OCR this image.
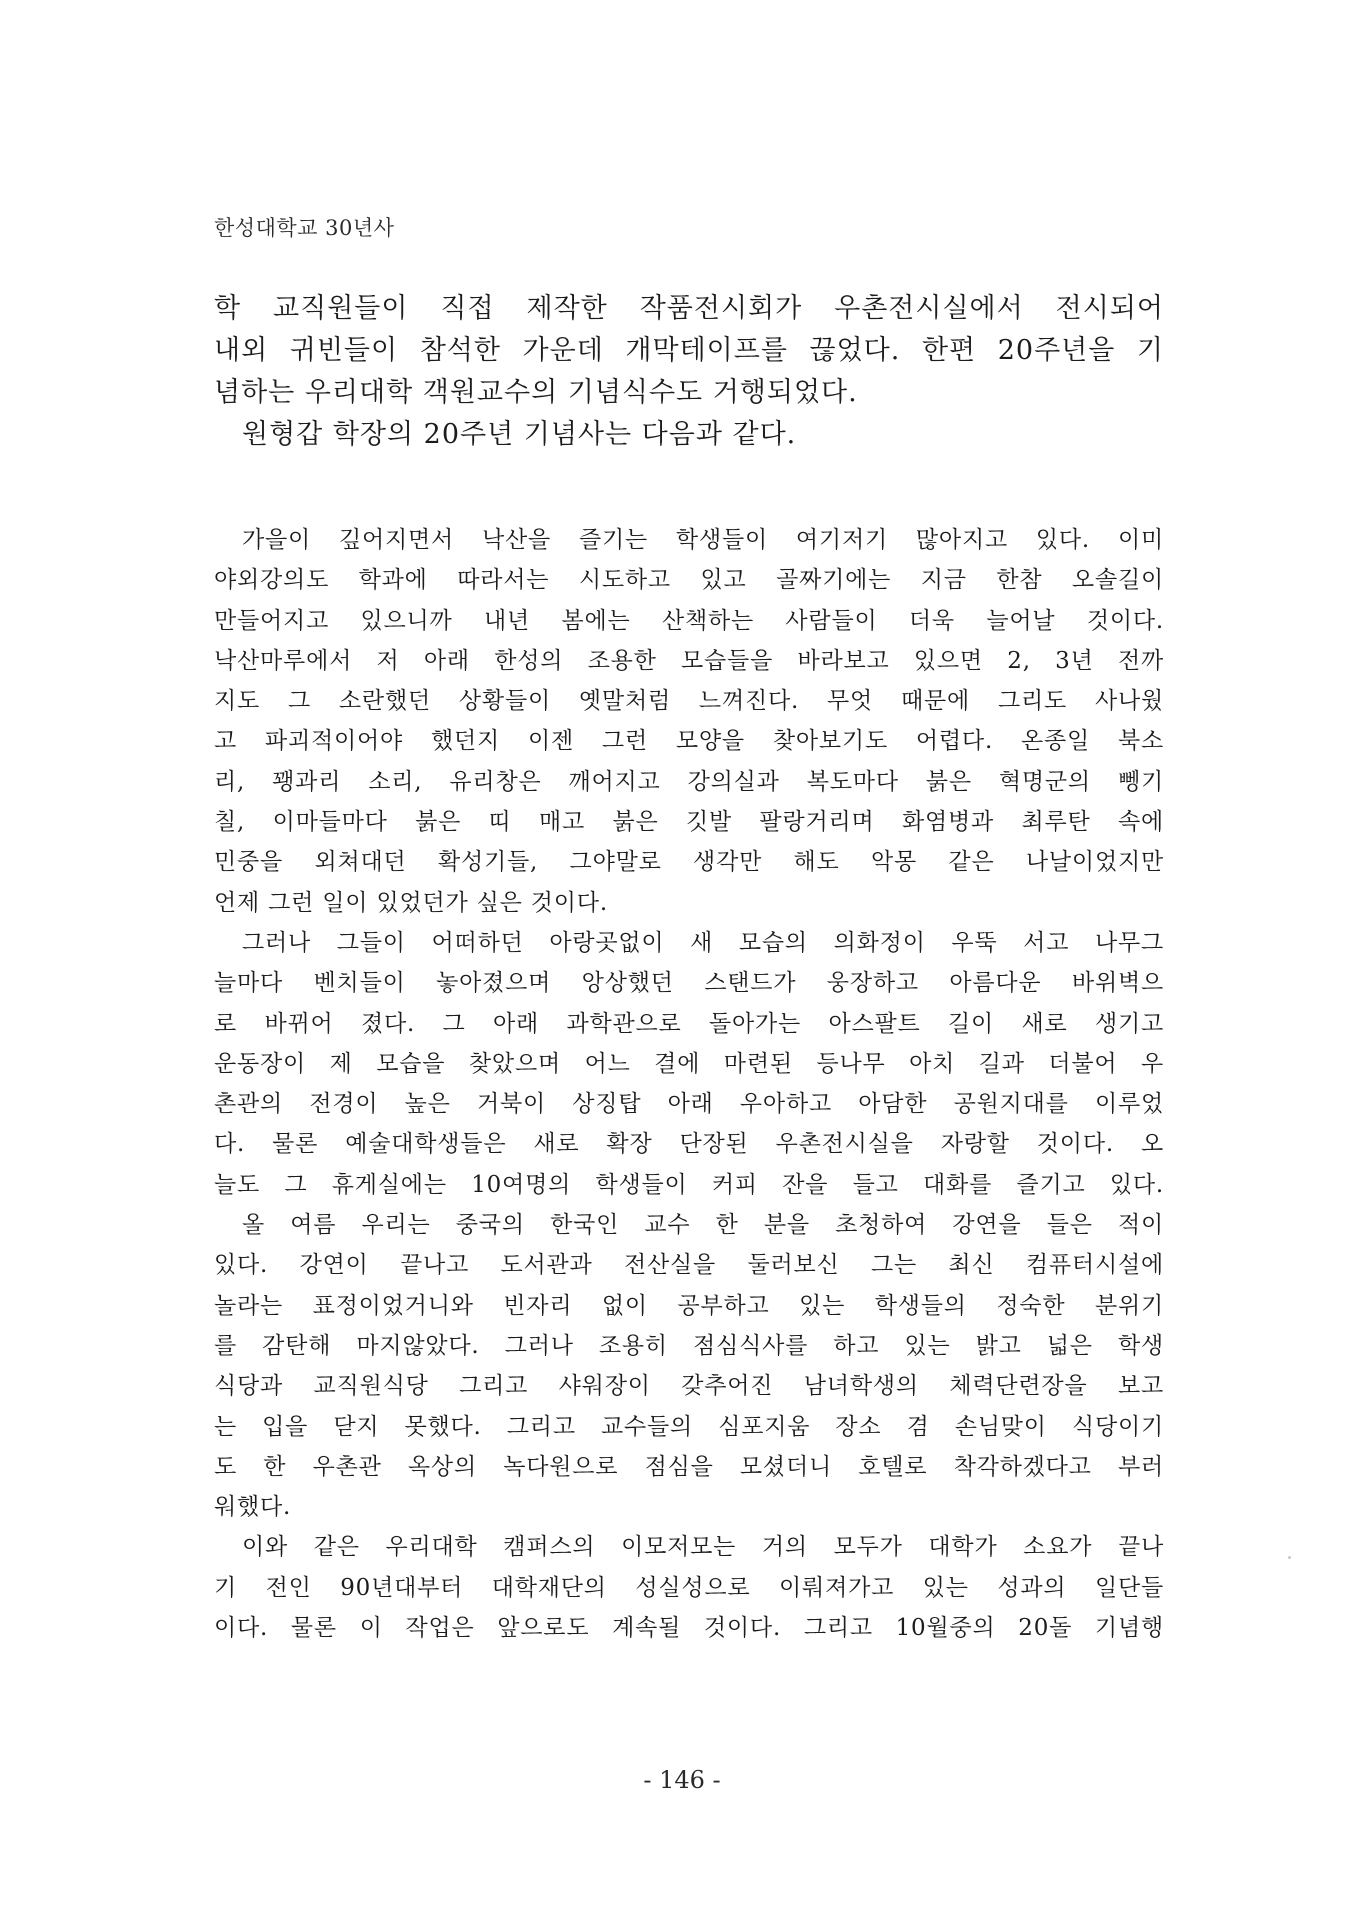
한성대학교 30년사
학 교직원들이 직접 제작한 작품전시회가 우촌전시실에서 전시되어
내외 귀빈들이 참석한 가운데 개막테이프를 끊었다. 한편 20주년을 기
념하는 우리대학 객원교수의 기념식수도 거행되었다.
원형갑 학장의 20주년 기념사는 다음과 같다.
가을이 깊어지면서 낙산을 즐기는 학생들이 여기저기 많아지고 있다. 이미
야외강의도 학과에 따라서는 시도하고 있고 골짜기에는 지금 한참 오솔길이
만들어지고 있으니까 내년 봄에는 산책하는 사람들이 더욱 늘어날 것이다.
낙산마루에서 저 아래 한성의 조용한 모습들을 바라보고 있으면 2, 3년 전까
지도 그 소란했던 상황들이 옛말처럼 느껴진다. 무엇 때문에 그리도 사나웠
고 파괴적이어야 했던지 이젠 그런 모양을 찾아보기도 어렵다. 온종일 북소
리, 꽹과리 소리, 유리창은 깨어지고 강의실과 복도마다 붉은 혁명군의 뼁기
칠, 이마들마다 붉은 띠 매고 붉은 깃발 팔랑거리며 화염병과 최루탄 속에
민중을 외쳐대던 확성기들, 그야말로 생각만 해도 악몽 같은 나날이었지만
언제 그런 일이 있었던가 싶은 것이다.
그러나 그들이 어떠하던 아랑곳없이 새 모습의 의화정이 우뚝 서고 나무그
늘마다 벤치들이 놓아졌으며 앙상했던 스탠드가 웅장하고 아름다운 바위벽으
로 바뀌어 졌다. 그 아래 과학관으로 돌아가는 아스팔트 길이 새로 생기고
운동장이 제 모습을 찾았으며 어느 결에 마련된 등나무 아치 길과 더불어 우
촌관의 전경이 높은 거북이 상징탑 아래 우아하고 아담한 공원지대를 이루었
다. 물론 예술대학생들은 새로 확장 단장된 우촌전시실을 자랑할 것이다. 오
늘도 그 휴게실에는 10여명의 학생들이 커피 잔을 들고 대화를 즐기고 있다.
올 여름 우리는 중국의 한국인 교수 한 분을 초청하여 강연을 들은 적이
있다. 강연이 끝나고 도서관과 전산실을 둘러보신 그는 최신 컴퓨터시설에
놀라는 표정이었거니와 빈자리 없이 공부하고 있는 학생들의 정숙한 분위기
를 감탄해 마지않았다. 그러나 조용히 점심식사를 하고 있는 밝고 넓은 학생
식당과 교직원식당 그리고 샤워장이 갖추어진 남녀학생의 체력단련장을 보고
는 입을 닫지 못했다. 그리고 교수들의 심포지움 장소 겸 손님맞이 식당이기
도 한 우촌관 옥상의 녹다원으로 점심을 모셨더니 호텔로 착각하겠다고 부러
워했다.
이와 같은 우리대학 캠퍼스의 이모저모는 거의 모두가 대학가 소요가 끝나
기 전인 90년대부터 대학재단의 성실성으로 이뤄져가고 있는 성과의 일단들
이다. 물론 이 작업은 앞으로도 계속될 것이다. 그리고 10월중의 20돌 기념행
- 146 -
